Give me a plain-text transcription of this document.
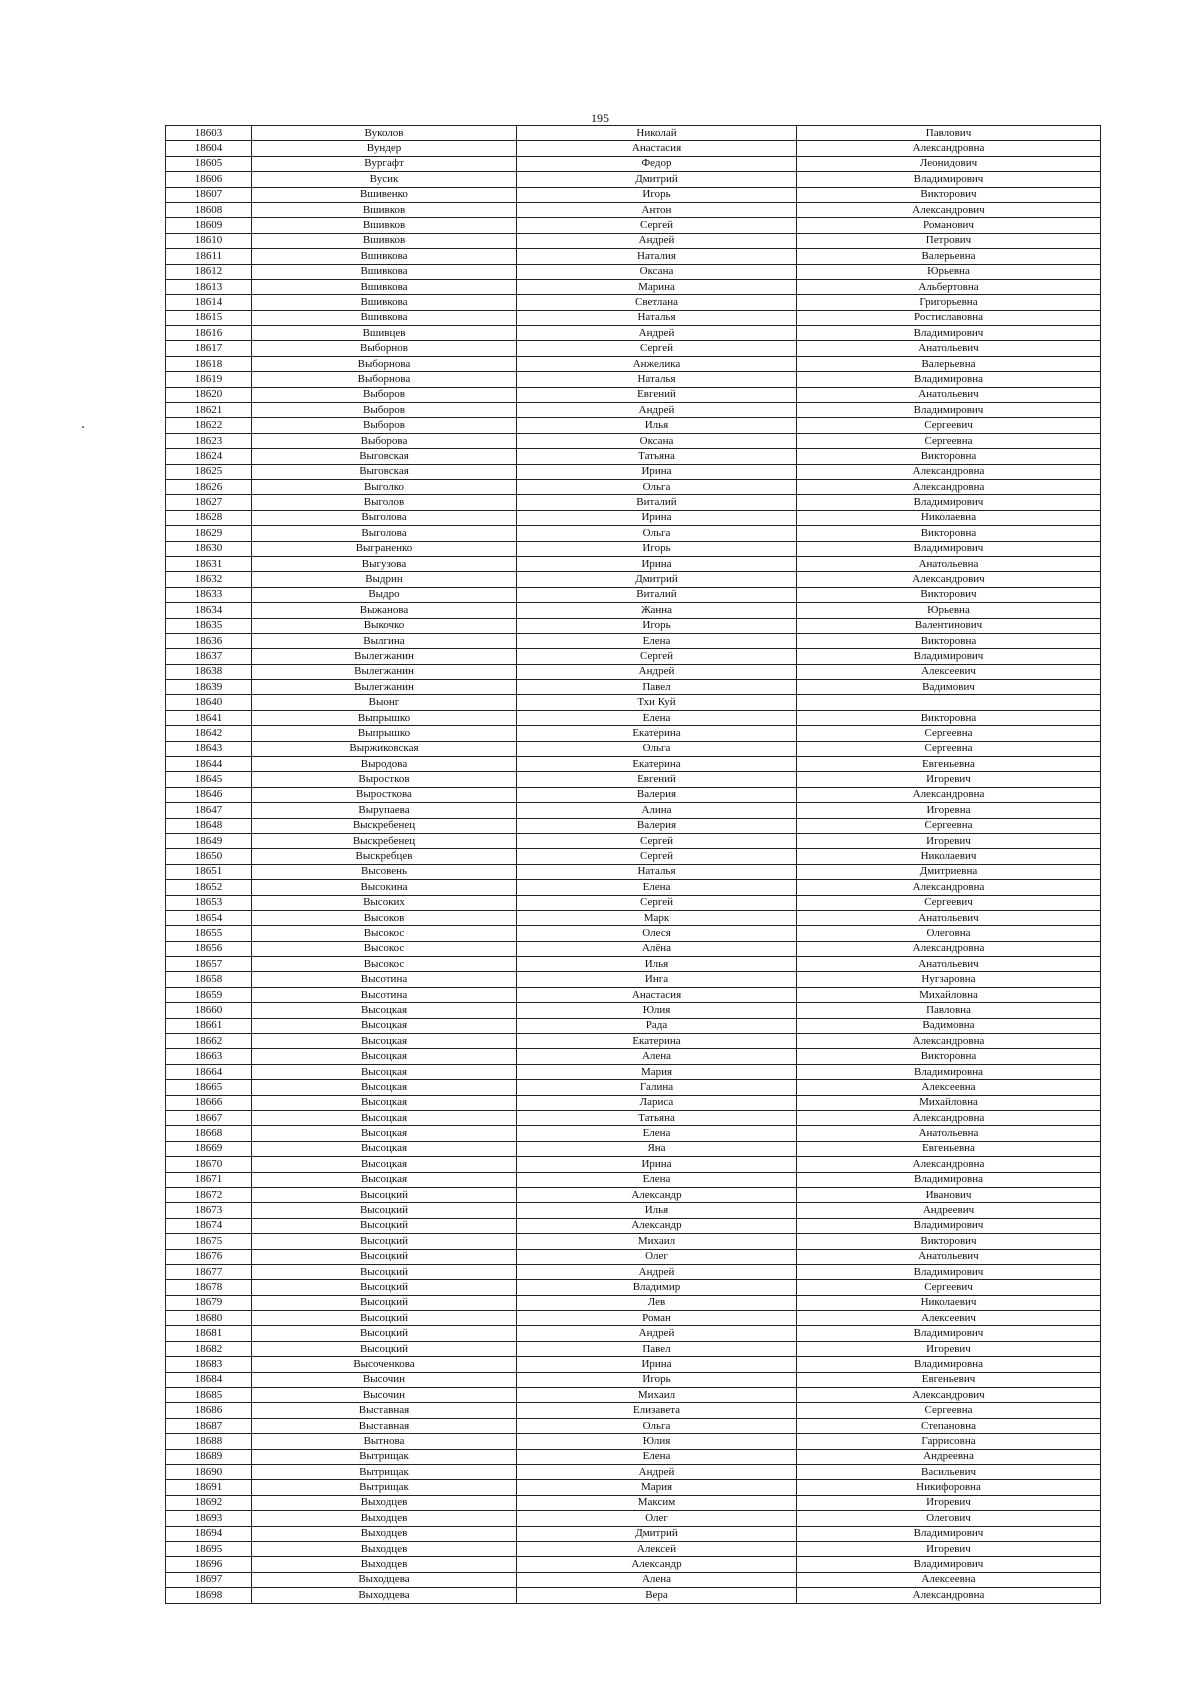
195
18603	Вуколов	Николай	Павлович
18604	Вундер	Анастасия	Александровна
18605	Вургафт	Федор	Леонидович
18606	Вусик	Дмитрий	Владимирович
18607	Вшивенко	Игорь	Викторович
18608	Вшивков	Антон	Александрович
18609	Вшивков	Сергей	Романович
18610	Вшивков	Андрей	Петрович
18611	Вшивкова	Наталия	Валерьевна
18612	Вшивкова	Оксана	Юрьевна
18613	Вшивкова	Марина	Альбертовна
18614	Вшивкова	Светлана	Григорьевна
18615	Вшивкова	Наталья	Ростиславовна
18616	Вшивцев	Андрей	Владимирович
18617	Выборнов	Сергей	Анатольевич
18618	Выборнова	Анжелика	Валерьевна
18619	Выборнова	Наталья	Владимировна
18620	Выборов	Евгений	Анатольевич
18621	Выборов	Андрей	Владимирович
18622	Выборов	Илья	Сергеевич
18623	Выборова	Оксана	Сергеевна
18624	Выговская	Татьяна	Викторовна
18625	Выговская	Ирина	Александровна
18626	Выголко	Ольга	Александровна
18627	Выголов	Виталий	Владимирович
18628	Выголова	Ирина	Николаевна
18629	Выголова	Ольга	Викторовна
18630	Выграненко	Игорь	Владимирович
18631	Выгузова	Ирина	Анатольевна
18632	Выдрин	Дмитрий	Александрович
18633	Выдро	Виталий	Викторович
18634	Выжанова	Жанна	Юрьевна
18635	Выкочко	Игорь	Валентинович
18636	Вылгина	Елена	Викторовна
18637	Вылегжанин	Сергей	Владимирович
18638	Вылегжанин	Андрей	Алексеевич
18639	Вылегжанин	Павел	Вадимович
18640	Выонг	Тхи Куй	
18641	Выпрышко	Елена	Викторовна
18642	Выпрышко	Екатерина	Сергеевна
18643	Выржиковская	Ольга	Сергеевна
18644	Выродова	Екатерина	Евгеньевна
18645	Выростков	Евгений	Игоревич
18646	Выросткова	Валерия	Александровна
18647	Вырупаева	Алина	Игоревна
18648	Выскребенец	Валерия	Сергеевна
18649	Выскребенец	Сергей	Игоревич
18650	Выскребцев	Сергей	Николаевич
18651	Высовень	Наталья	Дмитриевна
18652	Высокина	Елена	Александровна
18653	Высоких	Сергей	Сергеевич
18654	Высоков	Марк	Анатольевич
18655	Высокос	Олеся	Олеговна
18656	Высокос	Алёна	Александровна
18657	Высокос	Илья	Анатольевич
18658	Высотина	Инга	Нугзаровна
18659	Высотина	Анастасия	Михайловна
18660	Высоцкая	Юлия	Павловна
18661	Высоцкая	Рада	Вадимовна
18662	Высоцкая	Екатерина	Александровна
18663	Высоцкая	Алена	Викторовна
18664	Высоцкая	Мария	Владимировна
18665	Высоцкая	Галина	Алексеевна
18666	Высоцкая	Лариса	Михайловна
18667	Высоцкая	Татьяна	Александровна
18668	Высоцкая	Елена	Анатольевна
18669	Высоцкая	Яна	Евгеньевна
18670	Высоцкая	Ирина	Александровна
18671	Высоцкая	Елена	Владимировна
18672	Высоцкий	Александр	Иванович
18673	Высоцкий	Илья	Андреевич
18674	Высоцкий	Александр	Владимирович
18675	Высоцкий	Михаил	Викторович
18676	Высоцкий	Олег	Анатольевич
18677	Высоцкий	Андрей	Владимирович
18678	Высоцкий	Владимир	Сергеевич
18679	Высоцкий	Лев	Николаевич
18680	Высоцкий	Роман	Алексеевич
18681	Высоцкий	Андрей	Владимирович
18682	Высоцкий	Павел	Игоревич
18683	Высоченкова	Ирина	Владимировна
18684	Высочин	Игорь	Евгеньевич
18685	Высочин	Михаил	Александрович
18686	Выставная	Елизавета	Сергеевна
18687	Выставная	Ольга	Степановна
18688	Вытнова	Юлия	Гаррисовна
18689	Вытрищак	Елена	Андреевна
18690	Вытрищак	Андрей	Васильевич
18691	Вытрищак	Мария	Никифоровна
18692	Выходцев	Максим	Игоревич
18693	Выходцев	Олег	Олегович
18694	Выходцев	Дмитрий	Владимирович
18695	Выходцев	Алексей	Игоревич
18696	Выходцев	Александр	Владимирович
18697	Выходцева	Алена	Алексеевна
18698	Выходцева	Вера	Александровна
